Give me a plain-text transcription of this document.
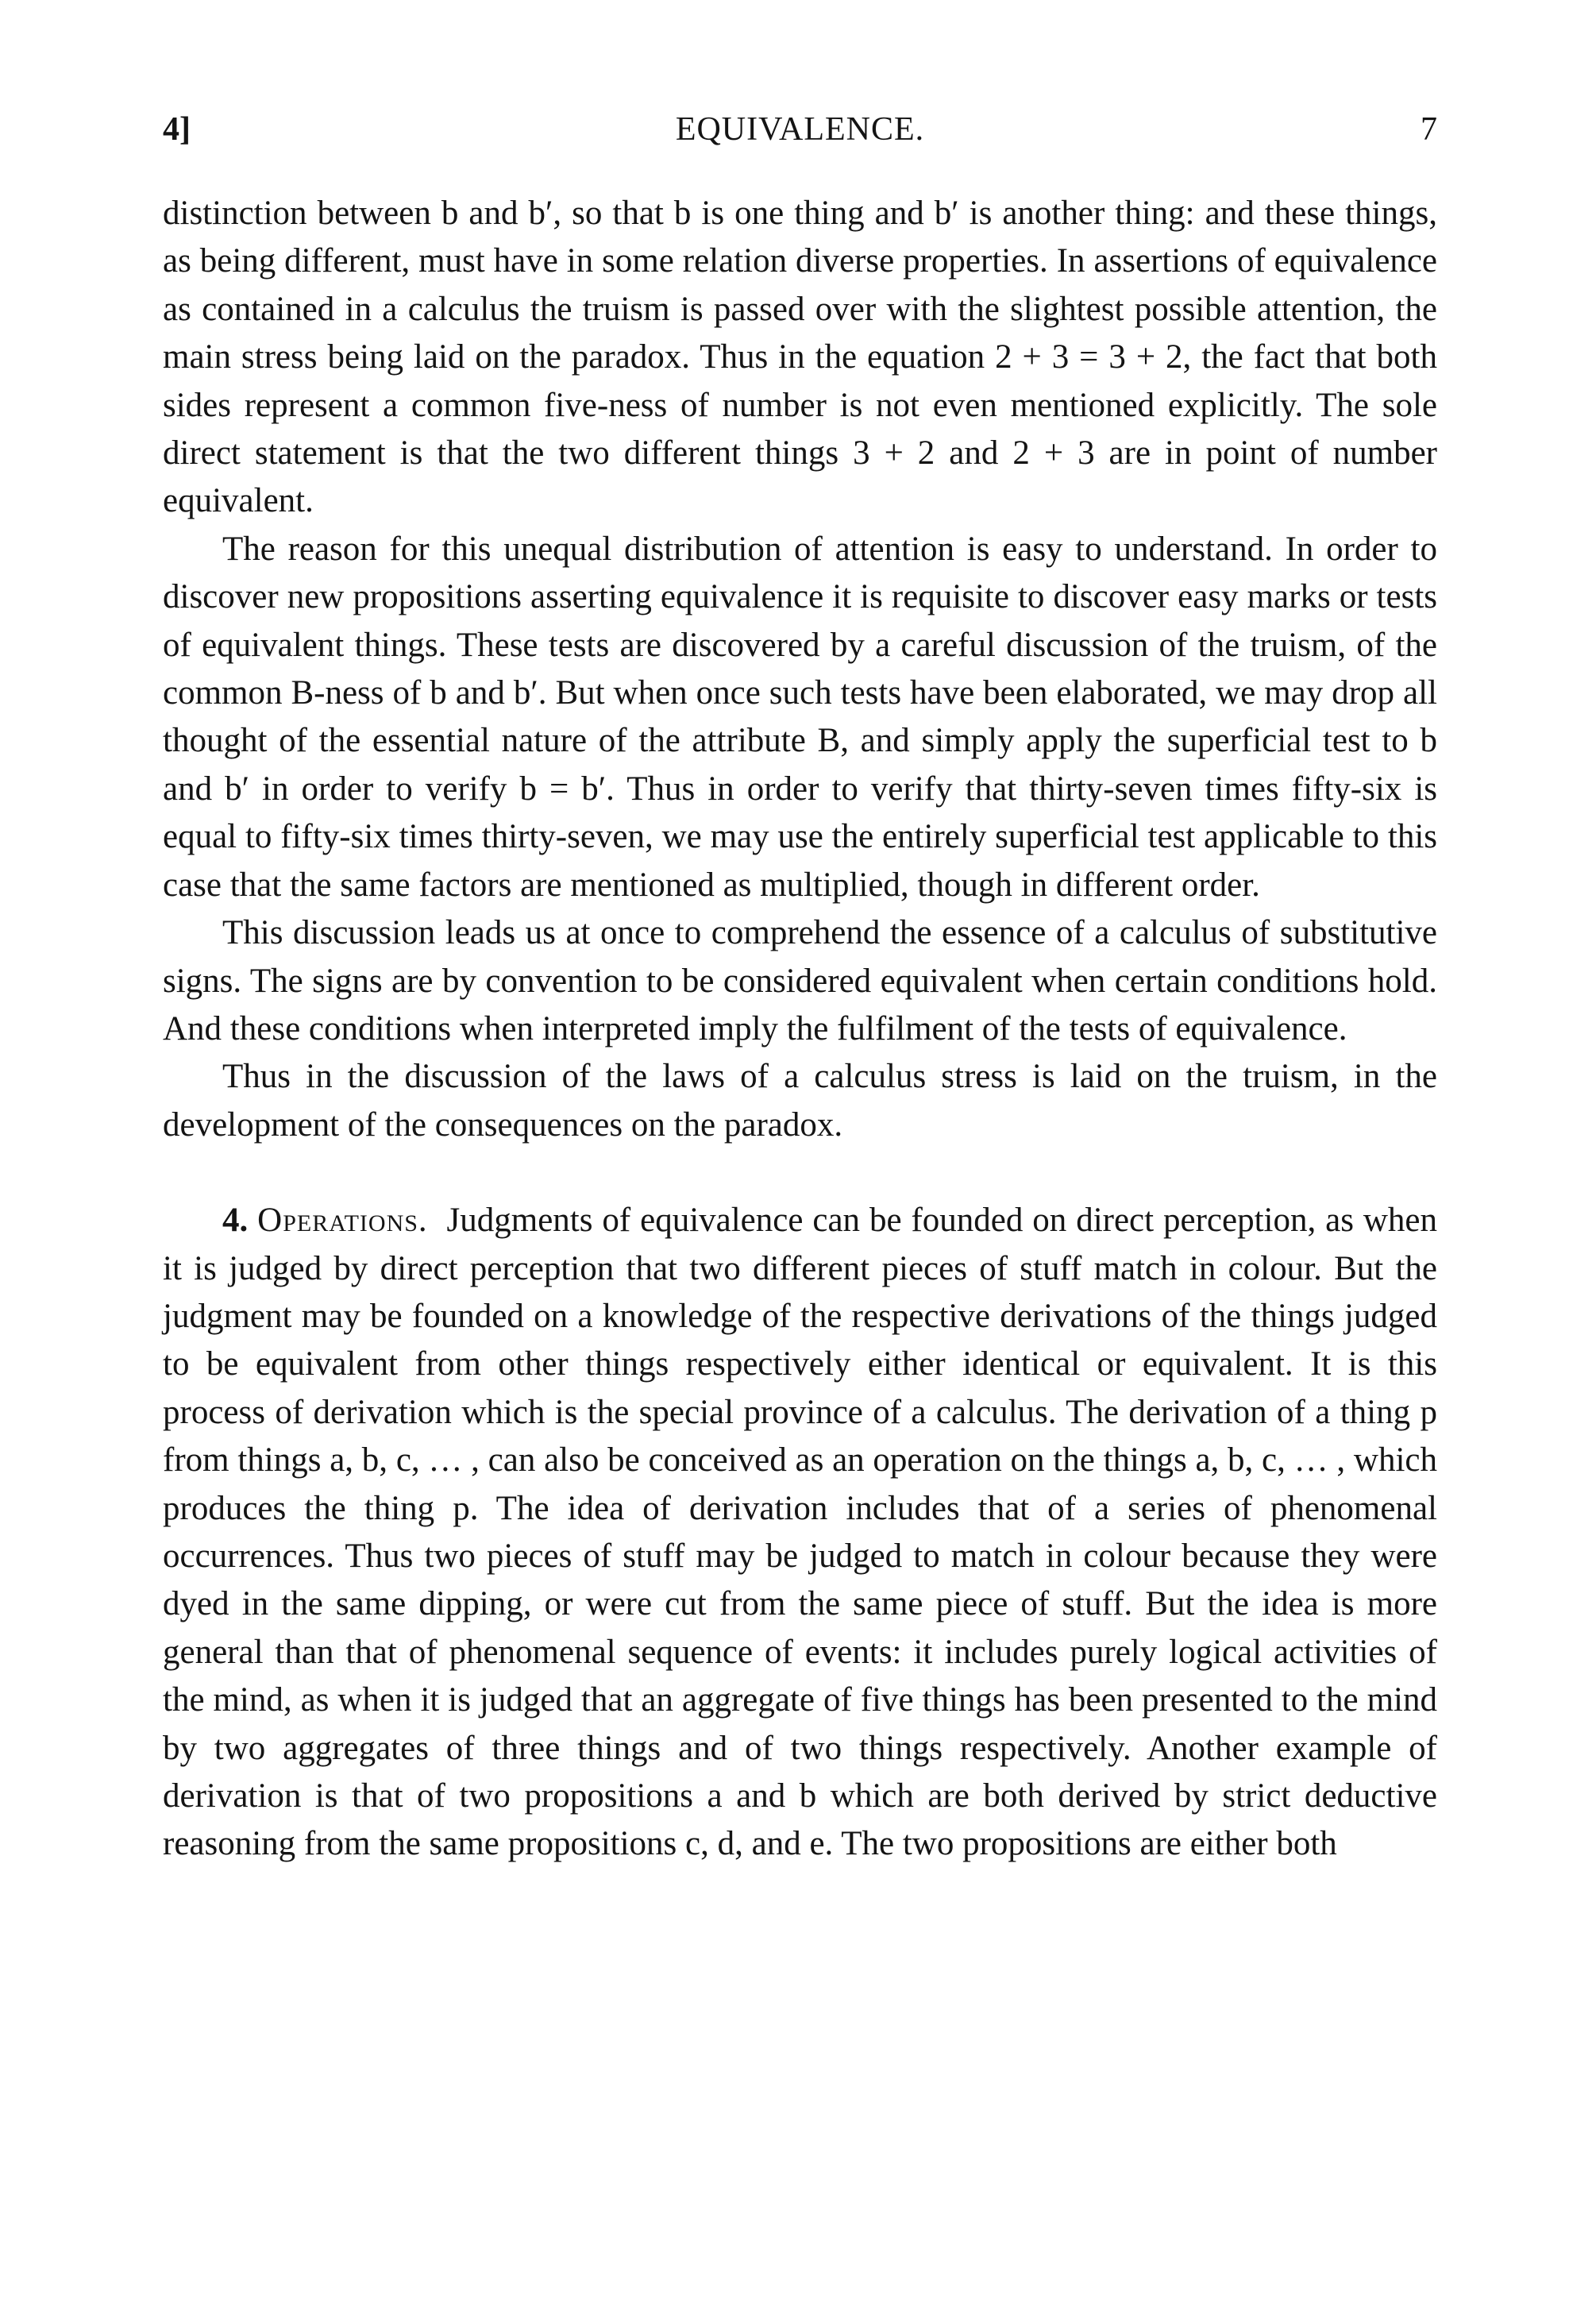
EQUIVALENCE.
4]	7

distinction between b and b′, so that b is one thing and b′ is another thing: and these things, as being different, must have in some relation diverse properties. In assertions of equivalence as contained in a calculus the truism is passed over with the slightest possible attention, the main stress being laid on the paradox. Thus in the equation 2 + 3 = 3 + 2, the fact that both sides represent a common five-ness of number is not even mentioned explicitly. The sole direct statement is that the two different things 3 + 2 and 2 + 3 are in point of number equivalent.

The reason for this unequal distribution of attention is easy to understand. In order to discover new propositions asserting equivalence it is requisite to discover easy marks or tests of equivalent things. These tests are discovered by a careful discussion of the truism, of the common B-ness of b and b′. But when once such tests have been elaborated, we may drop all thought of the essential nature of the attribute B, and simply apply the superficial test to b and b′ in order to verify b = b′. Thus in order to verify that thirty-seven times fifty-six is equal to fifty-six times thirty-seven, we may use the entirely superficial test applicable to this case that the same factors are mentioned as multiplied, though in different order.

This discussion leads us at once to comprehend the essence of a calculus of substitutive signs. The signs are by convention to be considered equivalent when certain conditions hold. And these conditions when interpreted imply the fulfilment of the tests of equivalence.

Thus in the discussion of the laws of a calculus stress is laid on the truism, in the development of the consequences on the paradox.

4. Operations. Judgments of equivalence can be founded on direct perception, as when it is judged by direct perception that two different pieces of stuff match in colour. But the judgment may be founded on a knowledge of the respective derivations of the things judged to be equivalent from other things respectively either identical or equivalent. It is this process of derivation which is the special province of a calculus. The derivation of a thing p from things a, b, c, … , can also be conceived as an operation on the things a, b, c, … , which produces the thing p. The idea of derivation includes that of a series of phenomenal occurrences. Thus two pieces of stuff may be judged to match in colour because they were dyed in the same dipping, or were cut from the same piece of stuff. But the idea is more general than that of phenomenal sequence of events: it includes purely logical activities of the mind, as when it is judged that an aggregate of five things has been presented to the mind by two aggregates of three things and of two things respectively. Another example of derivation is that of two propositions a and b which are both derived by strict deductive reasoning from the same propositions c, d, and e. The two propositions are either both
